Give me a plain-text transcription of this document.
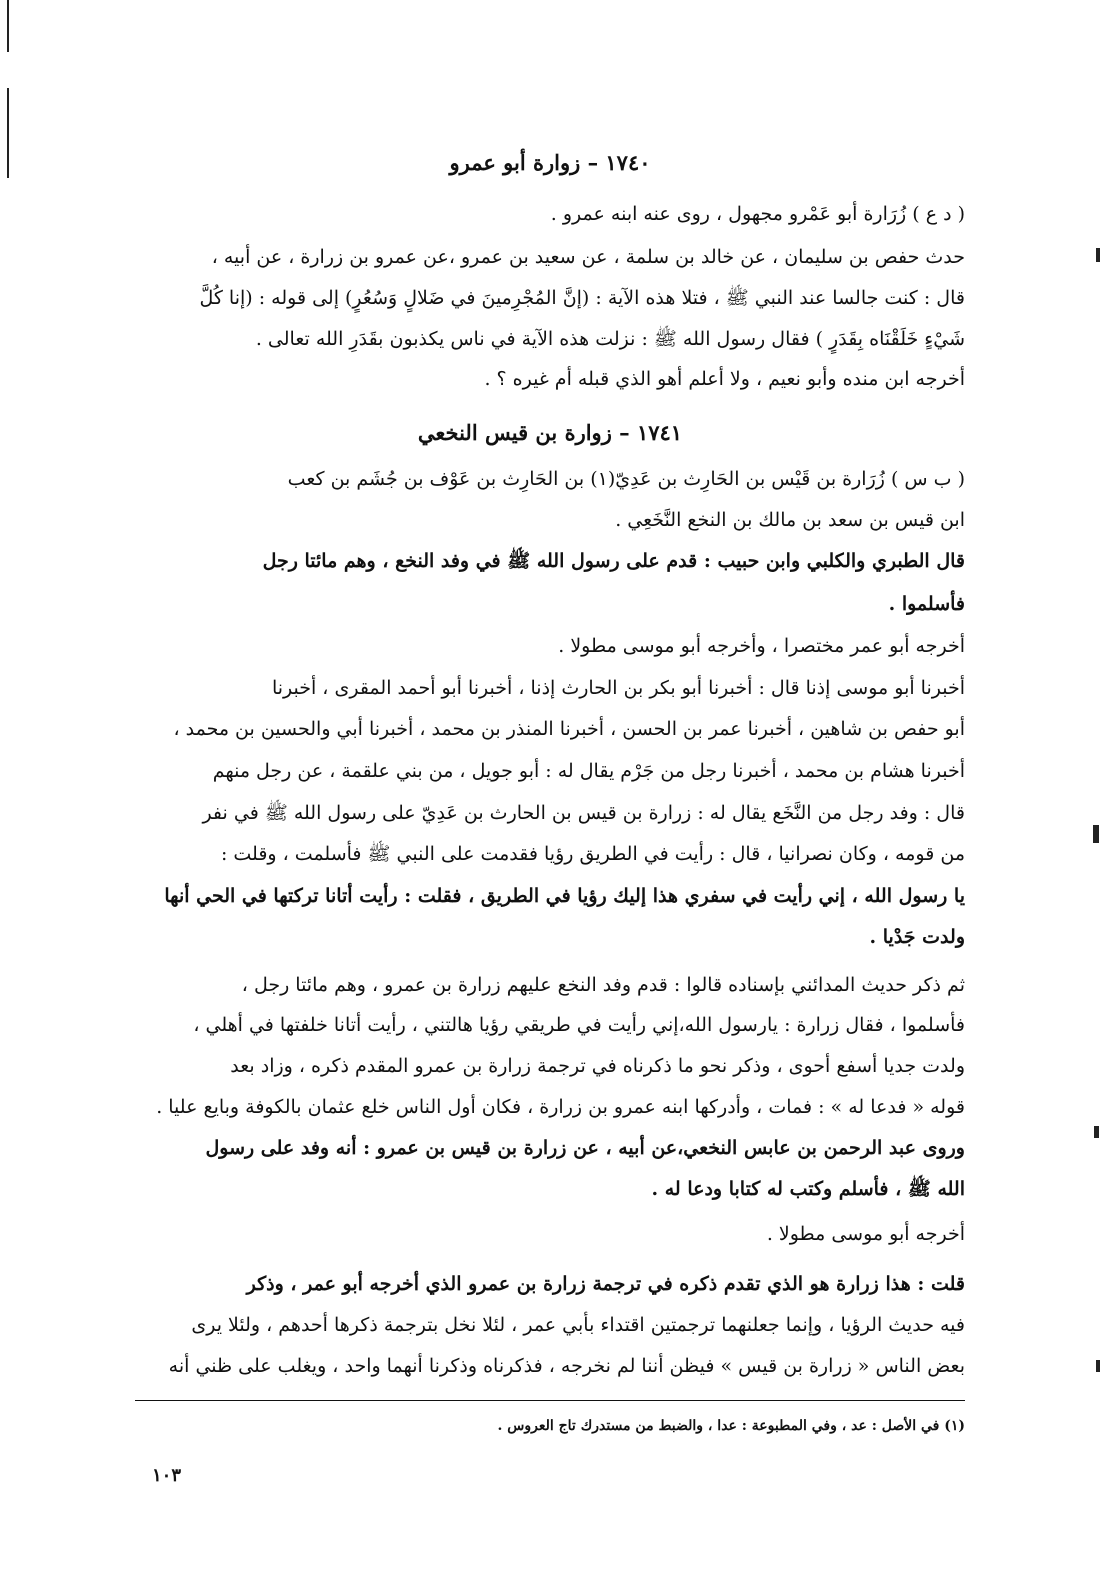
١٧٤٠ – زوارة أبو عمرو
( د ع ) زُرَارة أبو عَمْرو مجهول ، روى عنه ابنه عمرو .
حدث حفص بن سليمان ، عن خالد بن سلمة ، عن سعيد بن عمرو ،عن عمرو بن زرارة ، عن أبيه ،
قال : كنت جالسا عند النبي ﷺ ، فتلا هذه الآية : (إنَّ المُجْرِمينَ في ضَلالٍ وَسُعُرٍ) إلى قوله : (إنا كُلَّ
شَيْءٍ خَلَقْنَاه بِقَدَرٍ ) فقال رسول الله ﷺ : نزلت هذه الآية في ناس يكذبون بقَدَرِ الله تعالى .
أخرجه ابن منده وأبو نعيم ، ولا أعلم أهو الذي قبله أم غيره ؟ .
١٧٤١ – زوارة بن قيس النخعي
( ب س ) زُرَارة بن قَيْس بن الحَارِث بن عَدِيّ(١) بن الحَارِث بن عَوْف بن جُشَم بن كعب
ابن قيس بن سعد بن مالك بن النخع النَّخَعِي .
قال الطبري والكلبي وابن حبيب : قدم على رسول الله ﷺ في وفد النخع ، وهم مائتا رجل
فأسلموا .
أخرجه أبو عمر مختصرا ، وأخرجه أبو موسى مطولا .
أخبرنا أبو موسى إذنا قال : أخبرنا أبو بكر بن الحارث إذنا ، أخبرنا أبو أحمد المقرى ، أخبرنا
أبو حفص بن شاهين ، أخبرنا عمر بن الحسن ، أخبرنا المنذر بن محمد ، أخبرنا أبي والحسين بن محمد ،
أخبرنا هشام بن محمد ، أخبرنا رجل من جَرْم يقال له : أبو جويل ، من بني علقمة ، عن رجل منهم
قال : وفد رجل من النَّخَع يقال له : زرارة بن قيس بن الحارث بن عَدِيّ على رسول الله ﷺ في نفر
من قومه ، وكان نصرانيا ، قال : رأيت في الطريق رؤيا فقدمت على النبي ﷺ فأسلمت ، وقلت :
يا رسول الله ، إني رأيت في سفري هذا إليك رؤيا في الطريق ، فقلت : رأيت أتانا تركتها في الحي أنها
ولدت جَدْيا .
ثم ذكر حديث المدائني بإسناده قالوا : قدم وفد النخع عليهم زرارة بن عمرو ، وهم مائتا رجل ،
فأسلموا ، فقال زرارة : يارسول الله،إني رأيت في طريقي رؤيا هالتني ، رأيت أتانا خلفتها في أهلي ،
ولدت جديا أسفع أحوى ، وذكر نحو ما ذكرناه في ترجمة زرارة بن عمرو المقدم ذكره ، وزاد بعد
قوله « فدعا له » : فمات ، وأدركها ابنه عمرو بن زرارة ، فكان أول الناس خلع عثمان بالكوفة وبايع عليا .
وروى عبد الرحمن بن عابس النخعي،عن أبيه ، عن زرارة بن قيس بن عمرو : أنه وفد على رسول
الله ﷺ ، فأسلم وكتب له كتابا ودعا له .
أخرجه أبو موسى مطولا .
قلت : هذا زرارة هو الذي تقدم ذكره في ترجمة زرارة بن عمرو الذي أخرجه أبو عمر ، وذكر
فيه حديث الرؤيا ، وإنما جعلنهما ترجمتين اقتداء بأبي عمر ، لئلا نخل بترجمة ذكرها أحدهم ، ولئلا يرى
بعض الناس « زرارة بن قيس » فيظن أننا لم نخرجه ، فذكرناه وذكرنا أنهما واحد ، ويغلب على ظني أنه
(١) في الأصل : عد ، وفي المطبوعة : عدا ، والضبط من مستدرك تاج العروس .
١٠٣
